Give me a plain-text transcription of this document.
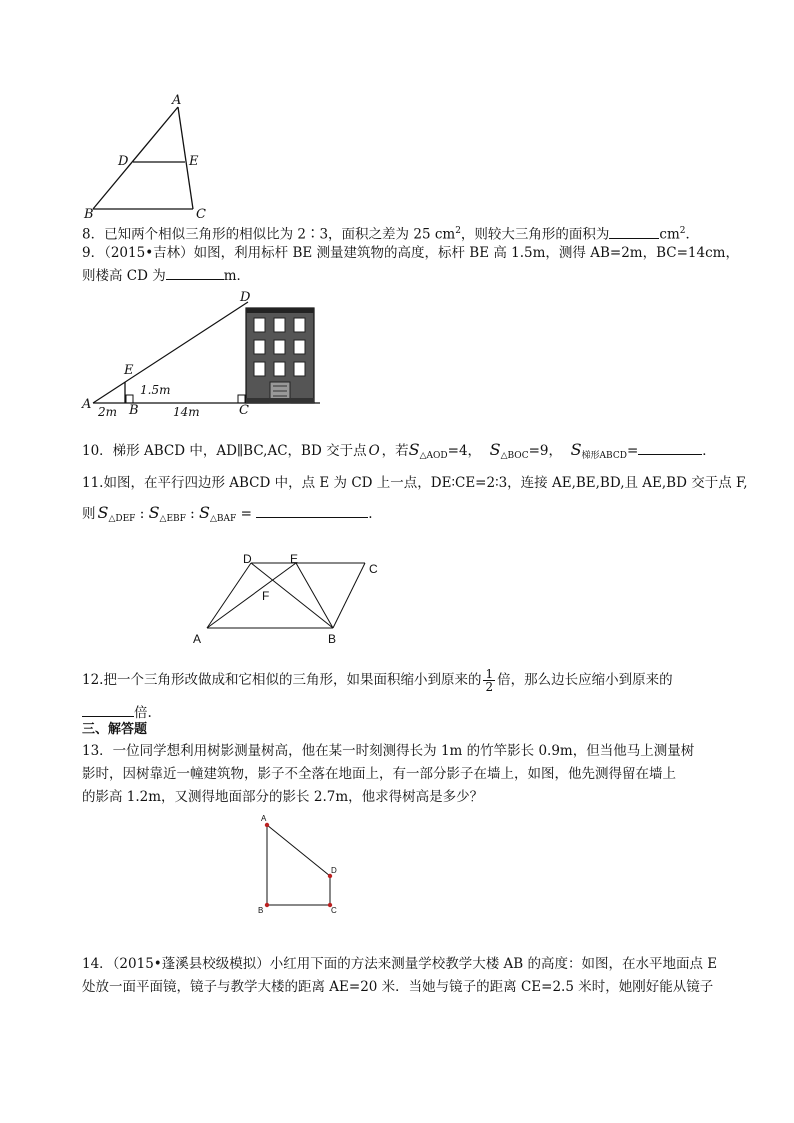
A
D	E
B	C
8．已知两个相似三角形的相似比为 2∶3，面积之差为 25 $cm^2$，则较大三角形的面积为	$cm^2$．
9．（2015•吉林）如图，利用标杆 BE 测量建筑物的高度，标杆 BE 高 1.5m，测得 AB=2m，BC=14cm，
则楼高 CD 为	m．
D
E
1.5m
A	B	C
2m	14m
10．梯形 ABCD 中，AD∥BC,AC，BD 交于点 O ，若$S_{\triangle AOD}=4$， $S_{\triangle BOC}=9$， $S_{梯形ABCD}=$	．
11.如图，在平行四边形 ABCD 中，点 E 为 CD 上一点，DE∶CE=2∶3，连接 AE,BE,BD,且 AE,BD 交于点 F,
则 $S_{\triangle DEF}$ : $S_{\triangle EBF}$ : $S_{\triangle BAF}$ =	.
D	E
C
F
A	B
12.把一个三角形改做成和它相似的三角形，如果面积缩小到原来的 $\frac{1}{2}$ 倍，那么边长应缩小到原来的
倍.
三、解答题
13．一位同学想利用树影测量树高，他在某一时刻测得长为 1m 的竹竿影长 0.9m，但当他马上测量树
影时，因树靠近一幢建筑物，影子不全落在地面上，有一部分影子在墙上，如图，他先测得留在墙上
的影高 1.2m，又测得地面部分的影长 2.7m，他求得树高是多少？
A
D
B	C
14．（2015•蓬溪县校级模拟）小红用下面的方法来测量学校教学大楼 AB 的高度：如图，在水平地面点 E
处放一面平面镜，镜子与教学大楼的距离 AE=20 米．当她与镜子的距离 CE=2.5 米时，她刚好能从镜子
